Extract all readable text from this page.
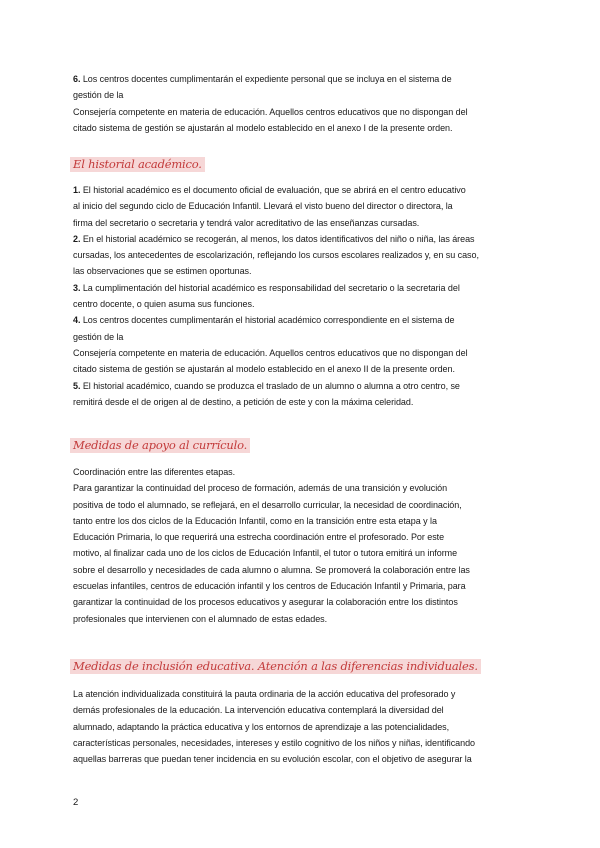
6. Los centros docentes cumplimentarán el expediente personal que se incluya en el sistema de
gestión de la
Consejería competente en materia de educación. Aquellos centros educativos que no dispongan del
citado sistema de gestión se ajustarán al modelo establecido en el anexo I de la presente orden.
El historial académico.
1. El historial académico es el documento oficial de evaluación, que se abrirá en el centro educativo
al inicio del segundo ciclo de Educación Infantil. Llevará el visto bueno del director o directora, la
firma del secretario o secretaria y tendrá valor acreditativo de las enseñanzas cursadas.
2. En el historial académico se recogerán, al menos, los datos identificativos del niño o niña, las áreas
cursadas, los antecedentes de escolarización, reflejando los cursos escolares realizados y, en su caso,
las observaciones que se estimen oportunas.
3. La cumplimentación del historial académico es responsabilidad del secretario o la secretaria del
centro docente, o quien asuma sus funciones.
4. Los centros docentes cumplimentarán el historial académico correspondiente en el sistema de
gestión de la
Consejería competente en materia de educación. Aquellos centros educativos que no dispongan del
citado sistema de gestión se ajustarán al modelo establecido en el anexo II de la presente orden.
5. El historial académico, cuando se produzca el traslado de un alumno o alumna a otro centro, se
remitirá desde el de origen al de destino, a petición de este y con la máxima celeridad.
Medidas de apoyo al currículo.
Coordinación entre las diferentes etapas.
Para garantizar la continuidad del proceso de formación, además de una transición y evolución
positiva de todo el alumnado, se reflejará, en el desarrollo curricular, la necesidad de coordinación,
tanto entre los dos ciclos de la Educación Infantil, como en la transición entre esta etapa y la
Educación Primaria, lo que requerirá una estrecha coordinación entre el profesorado. Por este
motivo, al finalizar cada uno de los ciclos de Educación Infantil, el tutor o tutora emitirá un informe
sobre el desarrollo y necesidades de cada alumno o alumna. Se promoverá la colaboración entre las
escuelas infantiles, centros de educación infantil y los centros de Educación Infantil y Primaria, para
garantizar la continuidad de los procesos educativos y asegurar la colaboración entre los distintos
profesionales que intervienen con el alumnado de estas edades.
Medidas de inclusión educativa. Atención a las diferencias individuales.
La atención individualizada constituirá la pauta ordinaria de la acción educativa del profesorado y
demás profesionales de la educación. La intervención educativa contemplará la diversidad del
alumnado, adaptando la práctica educativa y los entornos de aprendizaje a las potencialidades,
características personales, necesidades, intereses y estilo cognitivo de los niños y niñas, identificando
aquellas barreras que puedan tener incidencia en su evolución escolar, con el objetivo de asegurar la
2
